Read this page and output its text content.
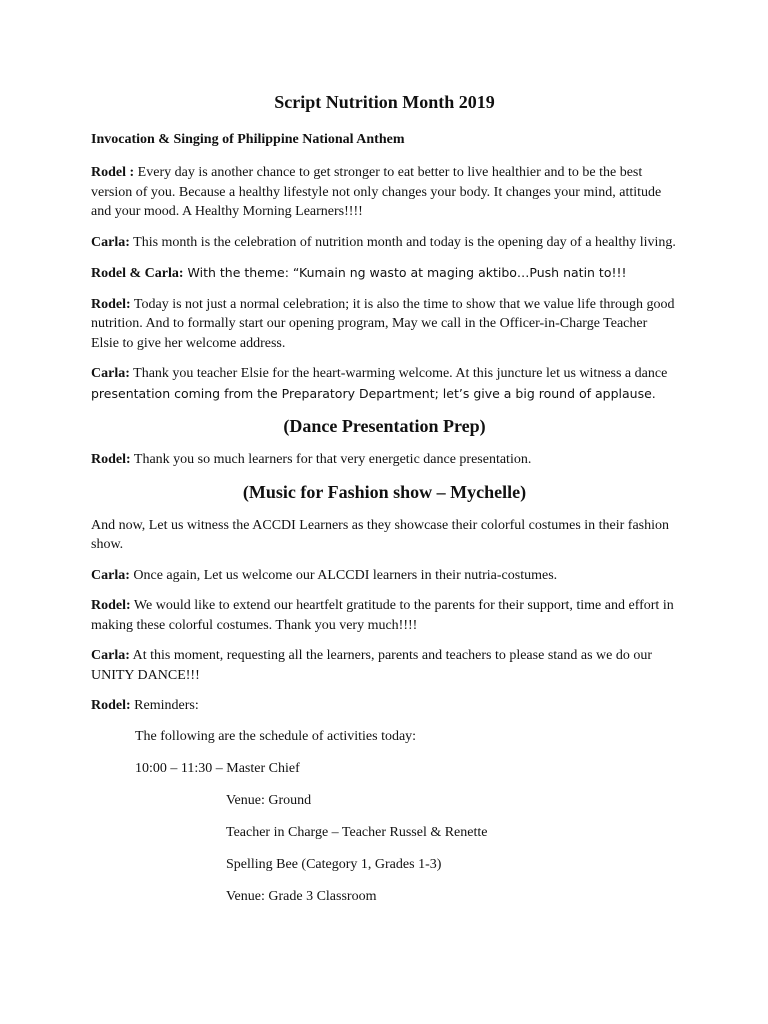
Script Nutrition Month 2019
Invocation & Singing of Philippine National Anthem

Rodel : Every day is another chance to get stronger to eat better to live healthier and to be the best version of you. Because a healthy lifestyle not only changes your body. It changes your mind, attitude and your mood. A Healthy Morning Learners!!!!

Carla: This month is the celebration of nutrition month and today is the opening day of a healthy living.

Rodel & Carla: With the theme: “Kumain ng wasto at maging aktibo…Push natin to!!!

Rodel: Today is not just a normal celebration; it is also the time to show that we value life through good nutrition. And to formally start our opening program, May we call in the Officer-in-Charge Teacher Elsie to give her welcome address.

Carla: Thank you teacher Elsie for the heart-warming welcome. At this juncture let us witness a dance
presentation coming from the Preparatory Department; let’s give a big round of applause.

(Dance Presentation Prep)

Rodel: Thank you so much learners for that very energetic dance presentation.

(Music for Fashion show – Mychelle)

And now, Let us witness the ACCDI Learners as they showcase their colorful costumes in their fashion show.

Carla: Once again, Let us welcome our ALCCDI learners in their nutria-costumes.

Rodel: We would like to extend our heartfelt gratitude to the parents for their support, time and effort in making these colorful costumes. Thank you very much!!!!

Carla: At this moment, requesting all the learners, parents and teachers to please stand as we do our UNITY DANCE!!!

Rodel: Reminders:

The following are the schedule of activities today:
10:00 – 11:30 – Master Chief
Venue: Ground
Teacher in Charge – Teacher Russel & Renette
Spelling Bee (Category 1, Grades 1-3)
Venue: Grade 3 Classroom
